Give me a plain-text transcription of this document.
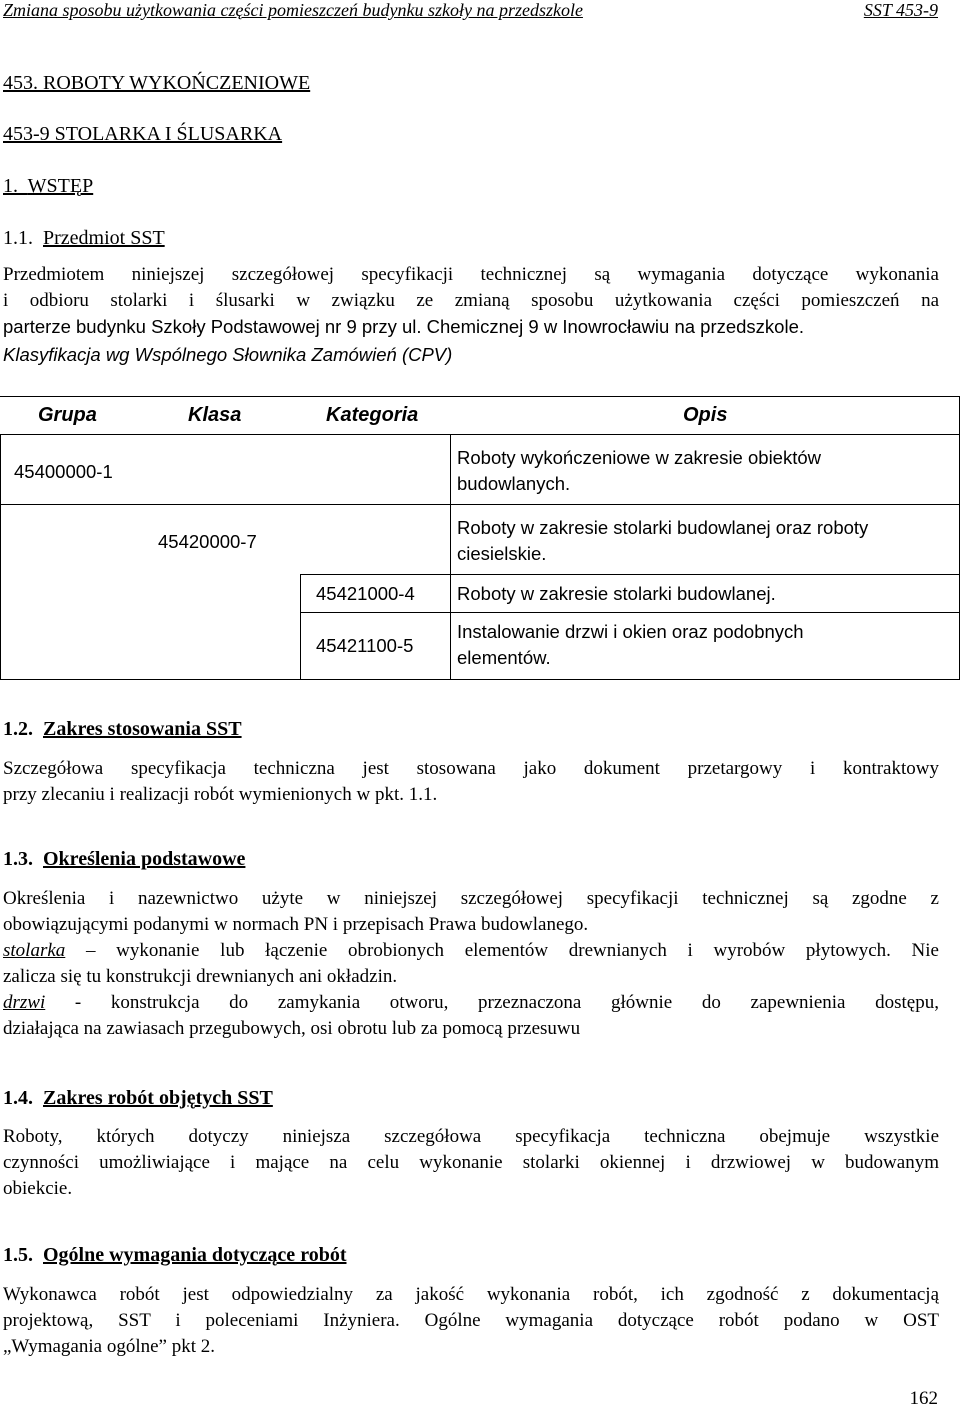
Zmiana sposobu użytkowania części pomieszczeń budynku szkoły na przedszkole	SST 453-9
453. ROBOTY WYKOŃCZENIOWE
453-9 STOLARKA I ŚLUSARKA
1. WSTĘP
1.1. Przedmiot SST
Przedmiotem niniejszej szczegółowej specyfikacji technicznej są wymagania dotyczące wykonania
i odbioru stolarki i ślusarki w związku ze zmianą sposobu użytkowania części pomieszczeń na
parterze budynku Szkoły Podstawowej nr 9 przy ul. Chemicznej 9 w Inowrocławiu na przedszkole.
Klasyfikacja wg Wspólnego Słownika Zamówień (CPV)
Grupa	Klasa	Kategoria	Opis
45400000-1
Roboty wykończeniowe w zakresie obiektów
budowlanych.
45420000-7
Roboty w zakresie stolarki budowlanej oraz roboty
ciesielskie.
45421000-4 Roboty w zakresie stolarki budowlanej.
45421100-5
Instalowanie drzwi i okien oraz podobnych
elementów.
1.2. Zakres stosowania SST
Szczegółowa specyfikacja techniczna jest stosowana jako dokument przetargowy i kontraktowy
przy zlecaniu i realizacji robót wymienionych w pkt. 1.1.
1.3. Określenia podstawowe
Określenia i nazewnictwo użyte w niniejszej szczegółowej specyfikacji technicznej są zgodne z
obowiązującymi podanymi w normach PN i przepisach Prawa budowlanego.
stolarka – wykonanie lub łączenie obrobionych elementów drewnianych i wyrobów płytowych. Nie
zalicza się tu konstrukcji drewnianych ani okładzin.
drzwi - konstrukcja do zamykania otworu, przeznaczona głównie do zapewnienia dostępu,
działająca na zawiasach przegubowych, osi obrotu lub za pomocą przesuwu
1.4. Zakres robót objętych SST
Roboty, których dotyczy niniejsza szczegółowa specyfikacja techniczna obejmuje wszystkie
czynności umożliwiające i mające na celu wykonanie stolarki okiennej i drzwiowej w budowanym
obiekcie.
1.5. Ogólne wymagania dotyczące robót
Wykonawca robót jest odpowiedzialny za jakość wykonania robót, ich zgodność z dokumentacją
projektową, SST i poleceniami Inżyniera. Ogólne wymagania dotyczące robót podano w OST
„Wymagania ogólne” pkt 2.
162
